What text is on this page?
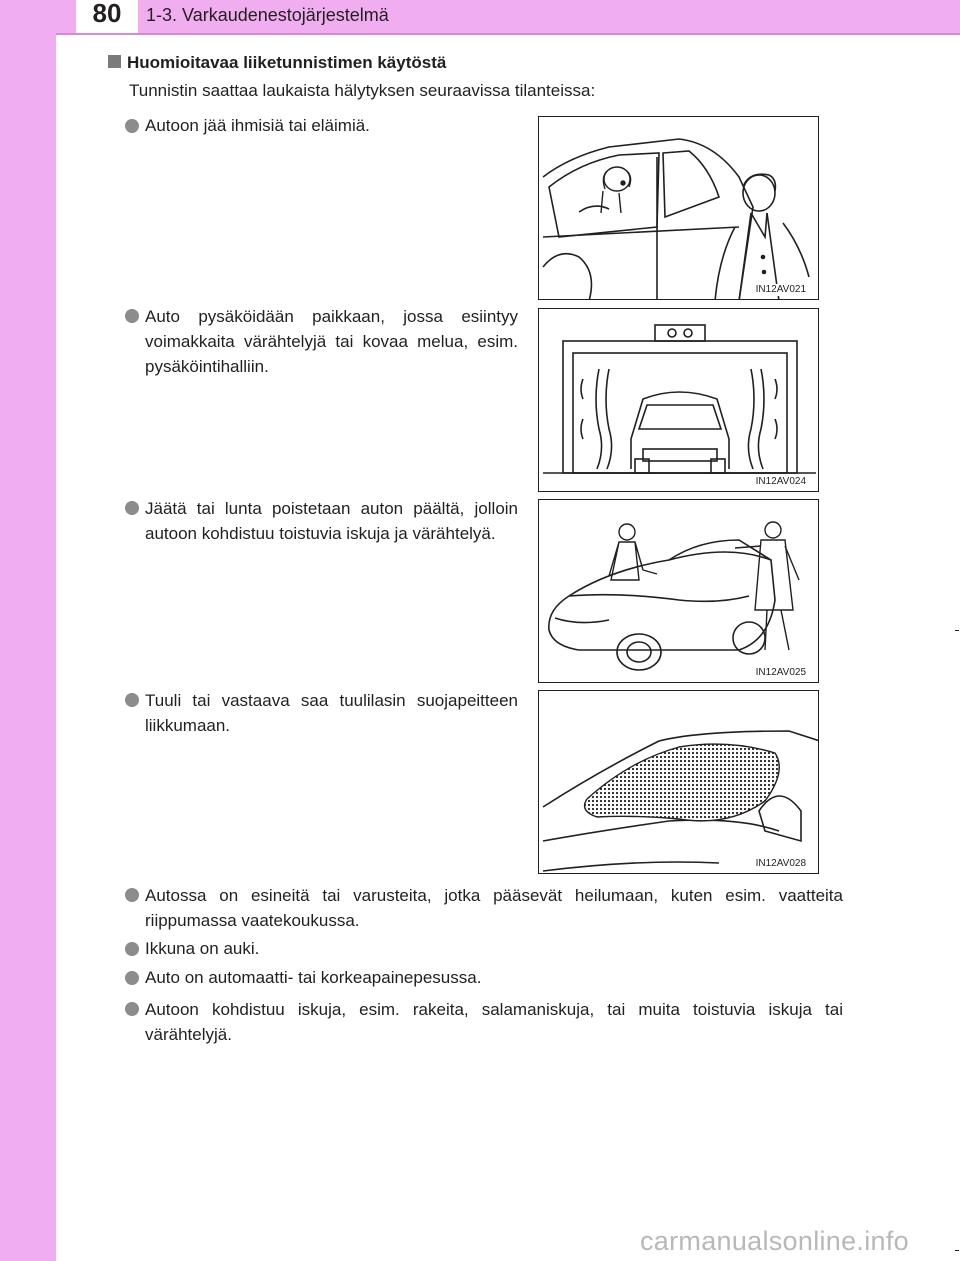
80	1-3. Varkaudenestojärjestelmä
Huomioitavaa liiketunnistimen käytöstä
Tunnistin saattaa laukaista hälytyksen seuraavissa tilanteissa:
Autoon jää ihmisiä tai eläimiä.
Auto pysäköidään paikkaan, jossa esiintyy voimakkaita värähtelyjä tai kovaa melua, esim. pysäköintihalliin.
Jäätä tai lunta poistetaan auton päältä, jolloin autoon kohdistuu toistuvia iskuja ja värähtelyä.
Tuuli tai vastaava saa tuulilasin suojapeitteen liikkumaan.
IN12AV021
IN12AV024
IN12AV025
IN12AV028
Autossa on esineitä tai varusteita, jotka pääsevät heilumaan, kuten esim. vaatteita riippumassa vaatekoukussa.
Ikkuna on auki.
Auto on automaatti- tai korkeapainepesussa.
Autoon kohdistuu iskuja, esim. rakeita, salamaniskuja, tai muita toistuvia iskuja tai värähtelyjä.
carmanualsonline.info
